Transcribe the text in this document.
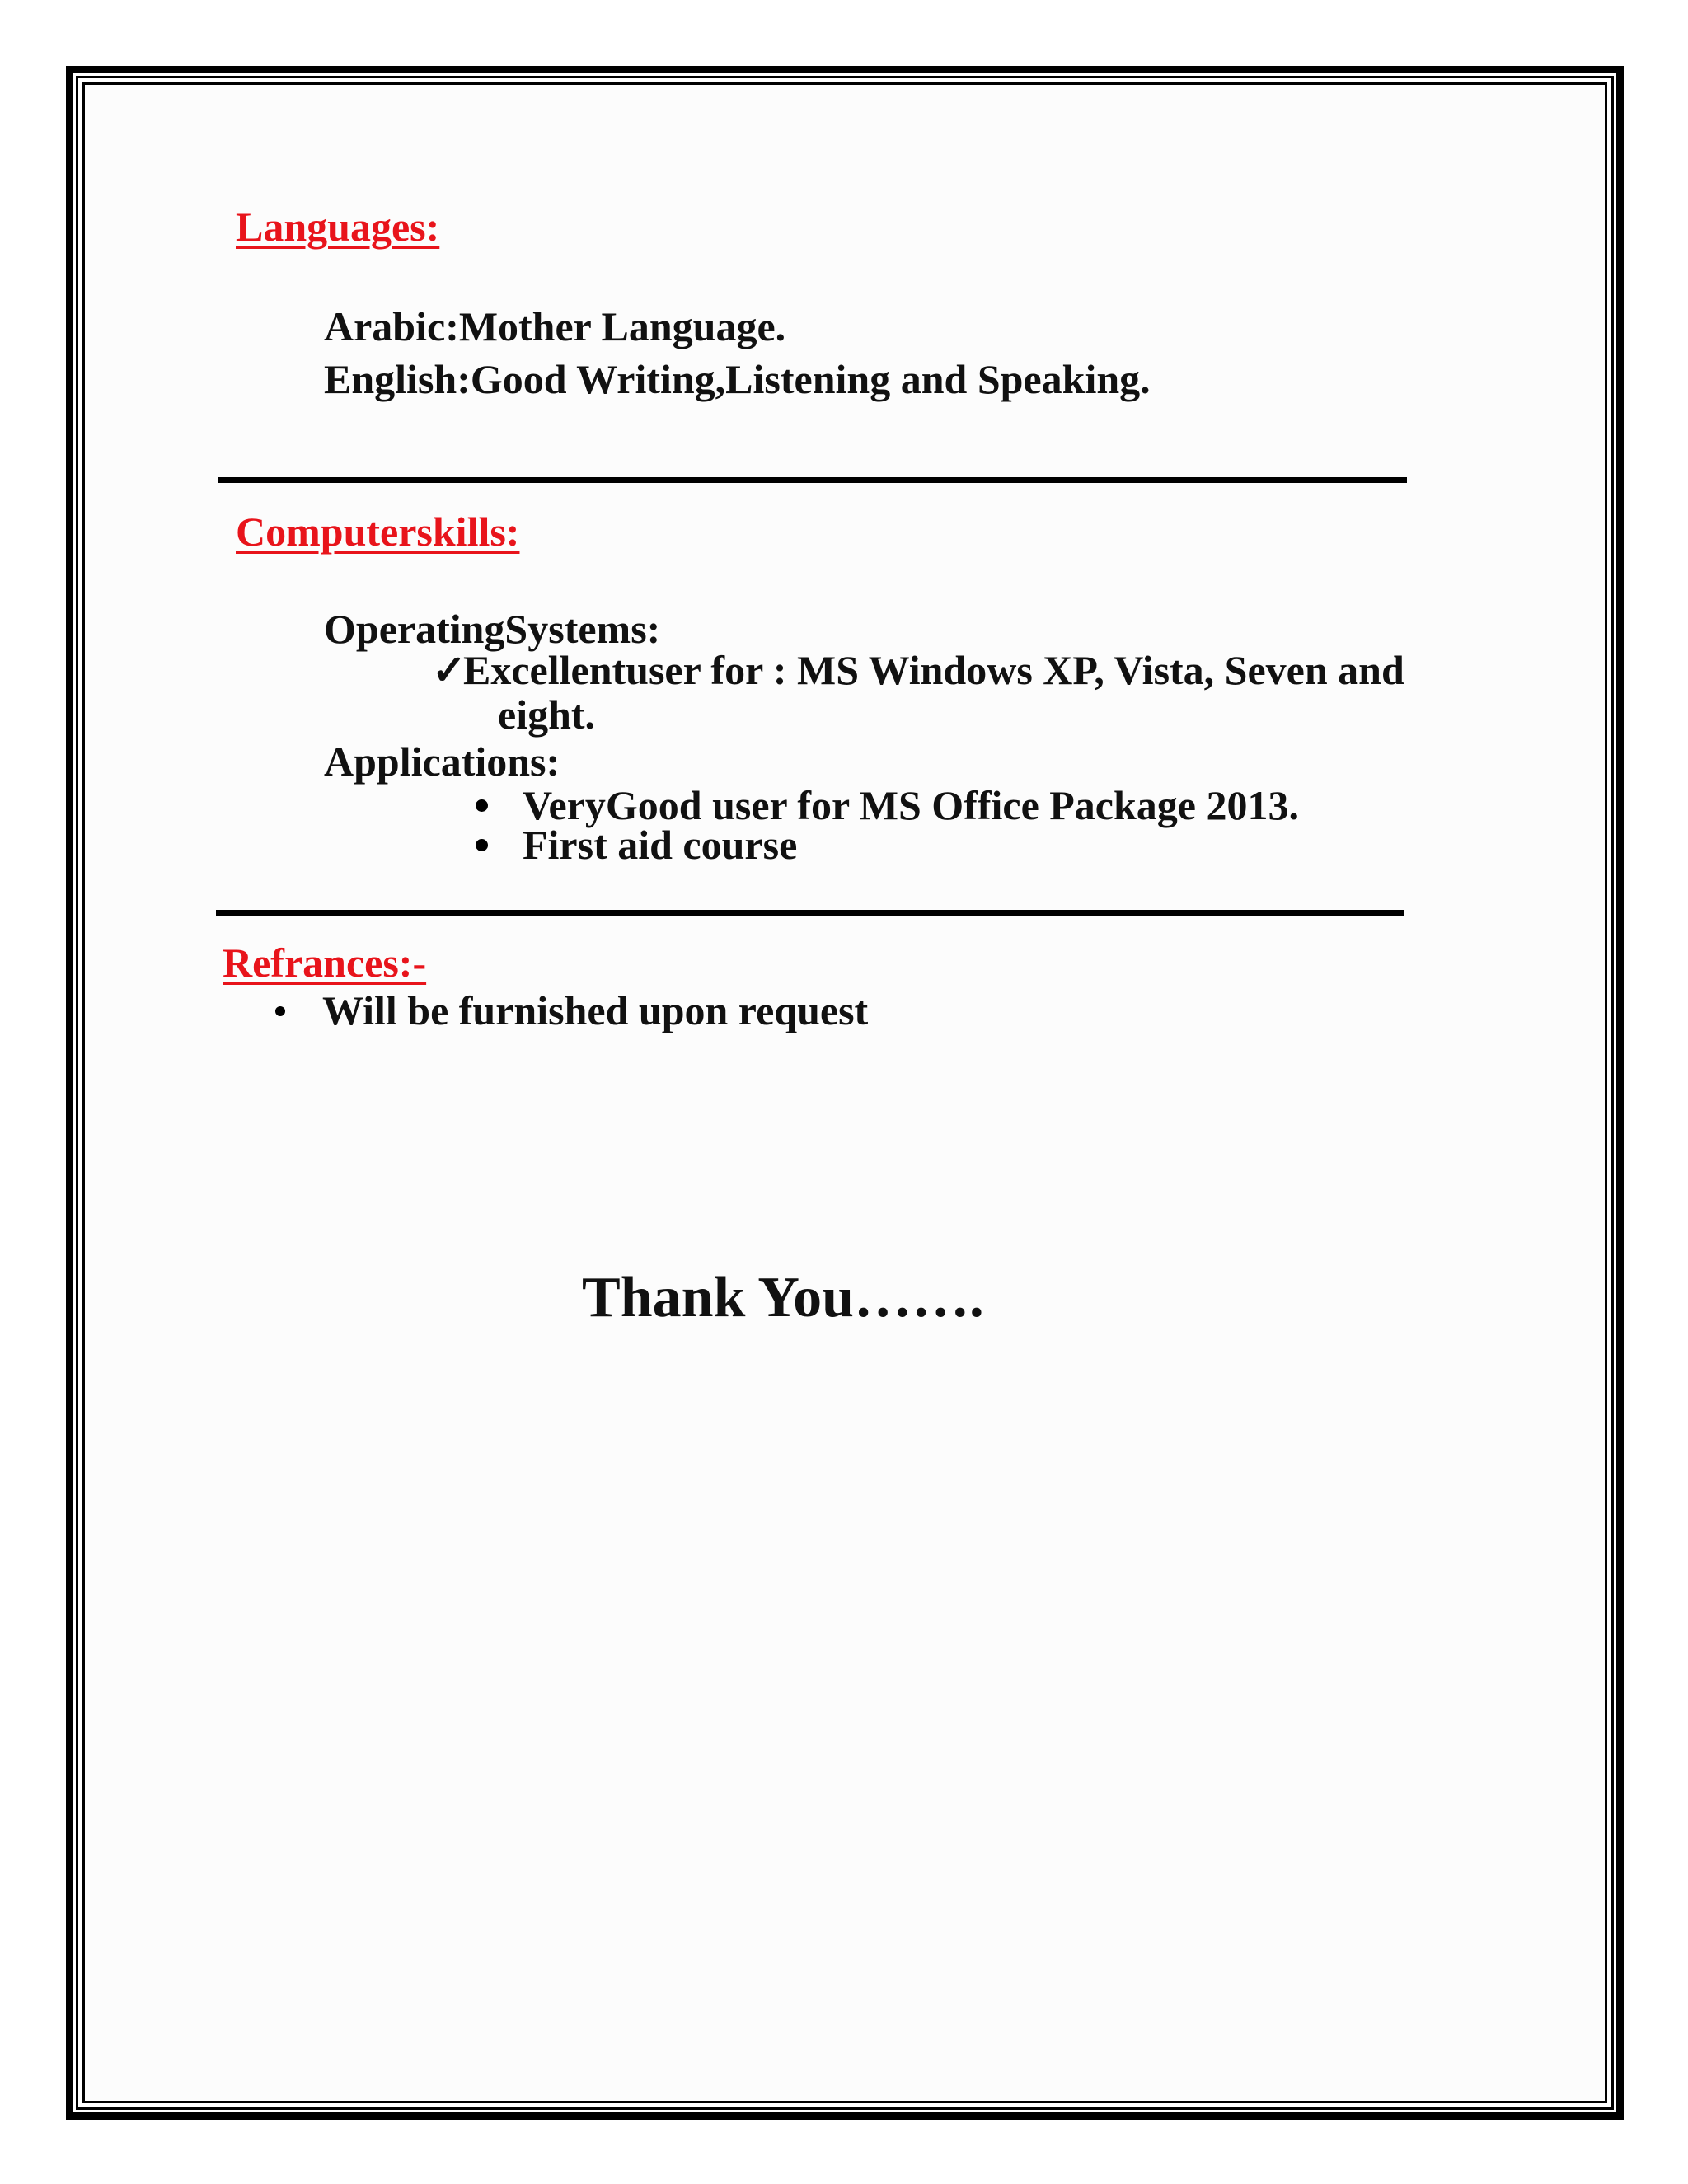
Languages:
Arabic:Mother Language.
English:Good Writing,Listening and Speaking.
Computerskills:
OperatingSystems:
✓
Excellentuser for : MS Windows XP, Vista, Seven and
eight.
Applications:
VeryGood user for MS Office Package 2013.
First aid course
Refrances:-
Will be furnished upon request
Thank You…….
